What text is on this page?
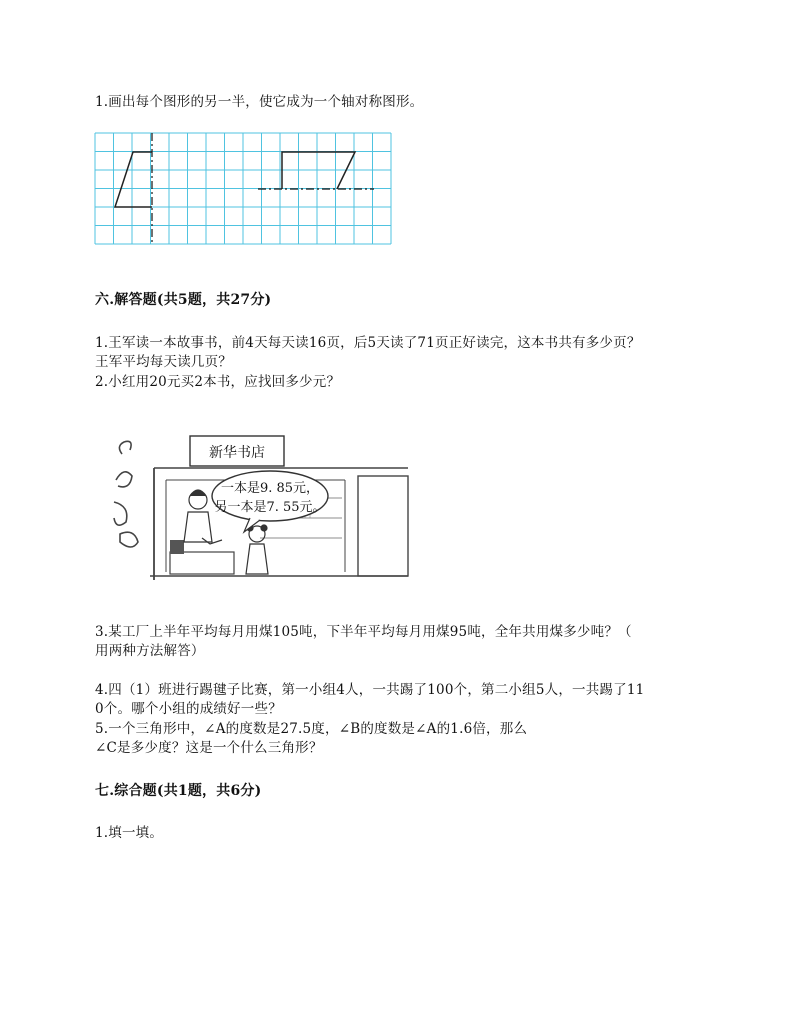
1.画出每个图形的另一半，使它成为一个轴对称图形。
六.解答题(共5题，共27分)
1.王军读一本故事书，前4天每天读16页，后5天读了71页正好读完，这本书共有多少页？
王军平均每天读几页？
2.小红用20元买2本书，应找回多少元？
新华书店
一本是9. 85元，
另一本是7. 55元。
3.某工厂上半年平均每月用煤105吨，下半年平均每月用煤95吨，全年共用煤多少吨？（
用两种方法解答）
4.四（1）班进行踢毽子比赛，第一小组4人，一共踢了100个，第二小组5人，一共踢了11
0个。哪个小组的成绩好一些？
5.一个三角形中，∠A的度数是27.5度，∠B的度数是∠A的1.6倍，那么
∠C是多少度？这是一个什么三角形？
七.综合题(共1题，共6分)
1.填一填。
